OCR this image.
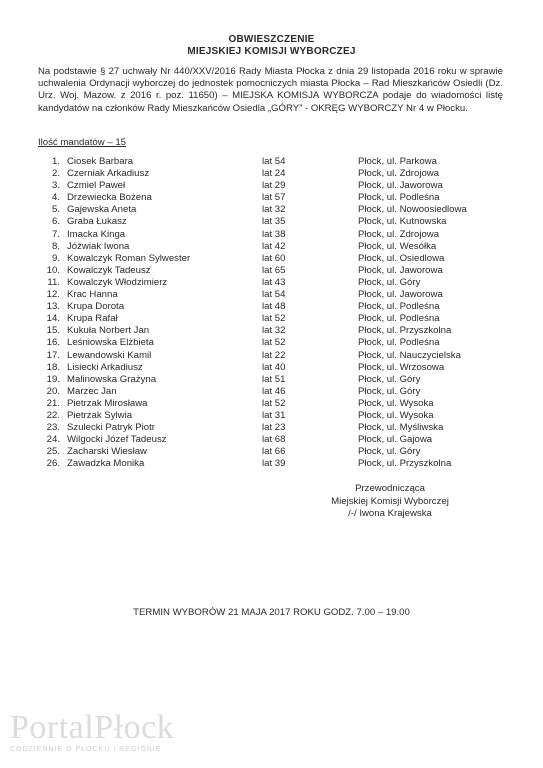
OBWIESZCZENIE
MIEJSKIEJ KOMISJI WYBORCZEJ
Na podstawie § 27 uchwały Nr 440/XXV/2016 Rady Miasta Płocka z dnia 29 listopada 2016 roku w sprawie uchwalenia Ordynacji wyborczej do jednostek pomocniczych miasta Płocka – Rad Mieszkańców Osiedli (Dz. Urz. Woj. Mazow. z 2016 r. poz. 11650) – MIEJSKA KOMISJA WYBORCZA podaje do wiadomości listę kandydatów na członków Rady Mieszkańców Osiedla „GÓRY” - OKRĘG WYBORCZY Nr 4 w Płocku.
Ilość mandatów – 15
1. Ciosek Barbara	lat 54	Płock, ul. Parkowa
2. Czerniak Arkadiusz	lat 24	Płock, ul. Zdrojowa
3. Czmiel Paweł	lat 29	Płock, ul. Jaworowa
4. Drzewiecka Bożena	lat 57	Płock, ul. Podleśna
5. Gajewska Aneta	lat 32	Płock, ul. Nowoosiedlowa
6. Graba Łukasz	lat 35	Płock, ul. Kutnowska
7. Imacka Kinga	lat 38	Płock, ul. Zdrojowa
8. Jóźwiak Iwona	lat 42	Płock, ul. Wesółka
9. Kowalczyk Roman Sylwester	lat 60	Płock, ul. Osiedlowa
10. Kowalczyk Tadeusz	lat 65	Płock, ul. Jaworowa
11. Kowalczyk Włodzimierz	lat 43	Płock, ul. Góry
12. Krac Hanna	lat 54	Płock, ul. Jaworowa
13. Krupa Dorota	lat 48	Płock, ul. Podleśna
14. Krupa Rafał	lat 52	Płock, ul. Podleśna
15. Kukuła Norbert Jan	lat 32	Płock, ul. Przyszkolna
16. Leśniowska Elżbieta	lat 52	Płock, ul. Podleśna
17. Lewandowski Kamil	lat 22	Płock, ul. Nauczycielska
18. Lisiecki Arkadiusz	lat 40	Płock, ul. Wrzosowa
19. Malinowska Grażyna	lat 51	Płock, ul. Góry
20. Marzec Jan	lat 46	Płock, ul. Góry
21. Pietrzak Mirosława	lat 52	Płock, ul. Wysoka
22. Pietrzak Sylwia	lat 31	Płock, ul. Wysoka
23. Szulecki Patryk Piotr	lat 23	Płock, ul. Myśliwska
24. Wilgocki Józef Tadeusz	lat 68	Płock, ul. Gajowa
25. Zacharski Wiesław	lat 66	Płock, ul. Góry
26. Zawadzka Monika	lat 39	Płock, ul. Przyszkolna
Przewodnicząca
Miejskiej Komisji Wyborczej
/-/ Iwona Krajewska
TERMIN WYBORÓW 21 MAJA 2017 ROKU GODZ. 7.00 – 19.00
PortalPłock
CODZIENNIE O PŁOCKU I REGIONIE
